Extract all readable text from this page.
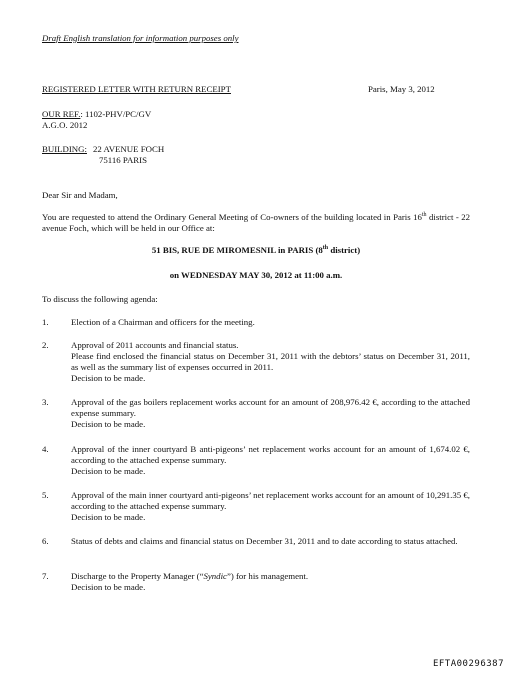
Draft English translation for information purposes only
REGISTERED LETTER WITH RETURN RECEIPT	Paris, May 3, 2012
OUR REF.: 1102-PHV/PC/GV
A.G.O. 2012
BUILDING: 22 AVENUE FOCH
75116 PARIS
Dear Sir and Madam,
You are requested to attend the Ordinary General Meeting of Co-owners of the building located in Paris 16th district - 22 avenue Foch, which will be held in our Office at:
51 BIS, RUE DE MIROMESNIL in PARIS (8th district)
on WEDNESDAY MAY 30, 2012 at 11:00 a.m.
To discuss the following agenda:
1.	Election of a Chairman and officers for the meeting.

2.	Approval of 2011 accounts and financial status.

Please find enclosed the financial status on December 31, 2011 with the debtors’ status on December 31, 2011, as well as the summary list of expenses occurred in 2011.

Decision to be made.

3.	Approval of the gas boilers replacement works account for an amount of 208,976.42 €, according to the attached expense summary.

Decision to be made.

4.	Approval of the inner courtyard B anti-pigeons’ net replacement works account for an amount of 1,674.02 €, according to the attached expense summary.

Decision to be made.

5.	Approval of the main inner courtyard anti-pigeons’ net replacement works account for an amount of 10,291.35 €, according to the attached expense summary.

Decision to be made.

6.	Status of debts and claims and financial status on December 31, 2011 and to date according to status attached.

7.	Discharge to the Property Manager (“Syndic”) for his management.

Decision to be made.

EFTA00296387
